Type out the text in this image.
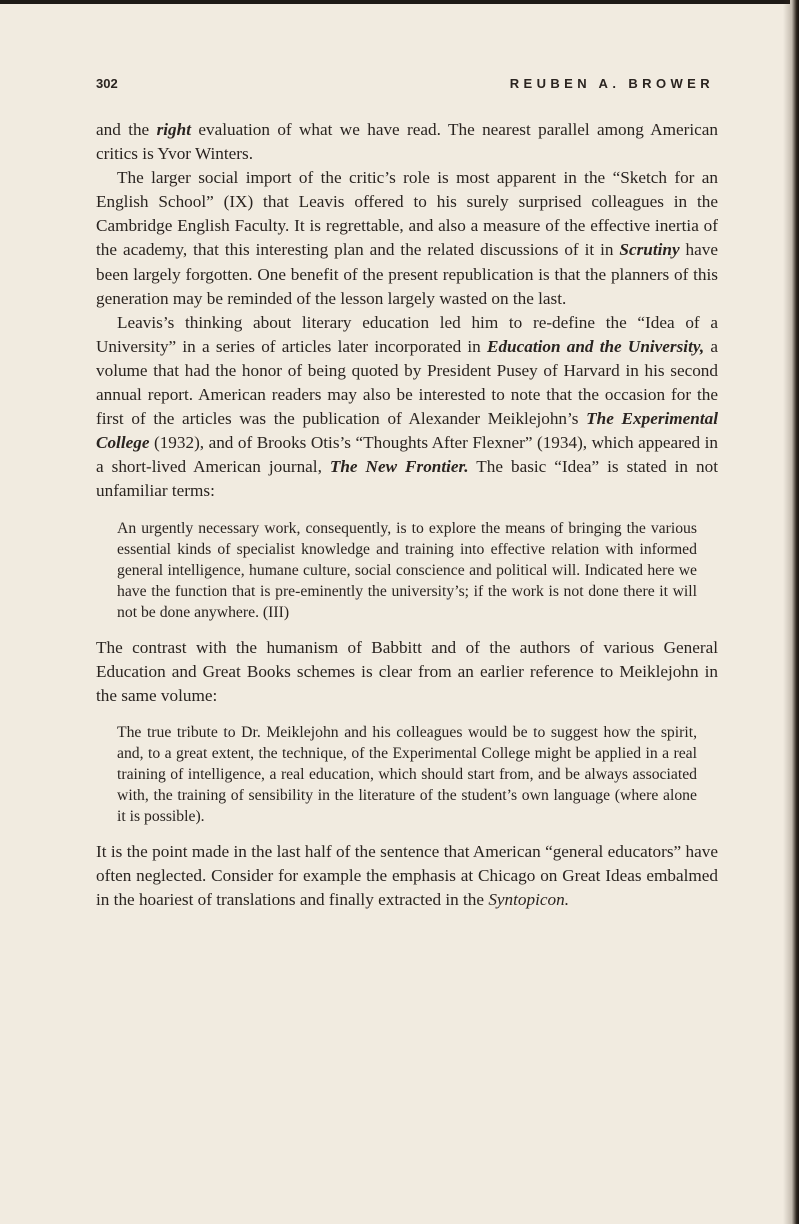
302	REUBEN A. BROWER

and the right evaluation of what we have read. The nearest parallel among American critics is Yvor Winters.

The larger social import of the critic’s role is most apparent in the “Sketch for an English School” (IX) that Leavis offered to his surely surprised colleagues in the Cambridge English Faculty. It is regrettable, and also a measure of the effective inertia of the academy, that this interesting plan and the related discussions of it in Scrutiny have been largely forgotten. One benefit of the present republication is that the planners of this generation may be reminded of the lesson largely wasted on the last.

Leavis’s thinking about literary education led him to re-define the “Idea of a University” in a series of articles later incorporated in Education and the University, a volume that had the honor of being quoted by President Pusey of Harvard in his second annual report. American readers may also be interested to note that the occasion for the first of the articles was the publication of Alexander Meiklejohn’s The Experimental College (1932), and of Brooks Otis’s “Thoughts After Flexner” (1934), which appeared in a short-lived American journal, The New Frontier. The basic “Idea” is stated in not unfamiliar terms:

An urgently necessary work, consequently, is to explore the means of bringing the various essential kinds of specialist knowledge and training into effective relation with informed general intelligence, humane culture, social conscience and political will. Indicated here we have the function that is pre-eminently the university’s; if the work is not done there it will not be done anywhere. (III)

The contrast with the humanism of Babbitt and of the authors of various General Education and Great Books schemes is clear from an earlier reference to Meiklejohn in the same volume:

The true tribute to Dr. Meiklejohn and his colleagues would be to suggest how the spirit, and, to a great extent, the technique, of the Experimental College might be applied in a real training of intelligence, a real education, which should start from, and be always associated with, the training of sensibility in the literature of the student’s own language (where alone it is possible).

It is the point made in the last half of the sentence that American “general educators” have often neglected. Consider for example the emphasis at Chicago on Great Ideas embalmed in the hoariest of translations and finally extracted in the Syntopicon.
